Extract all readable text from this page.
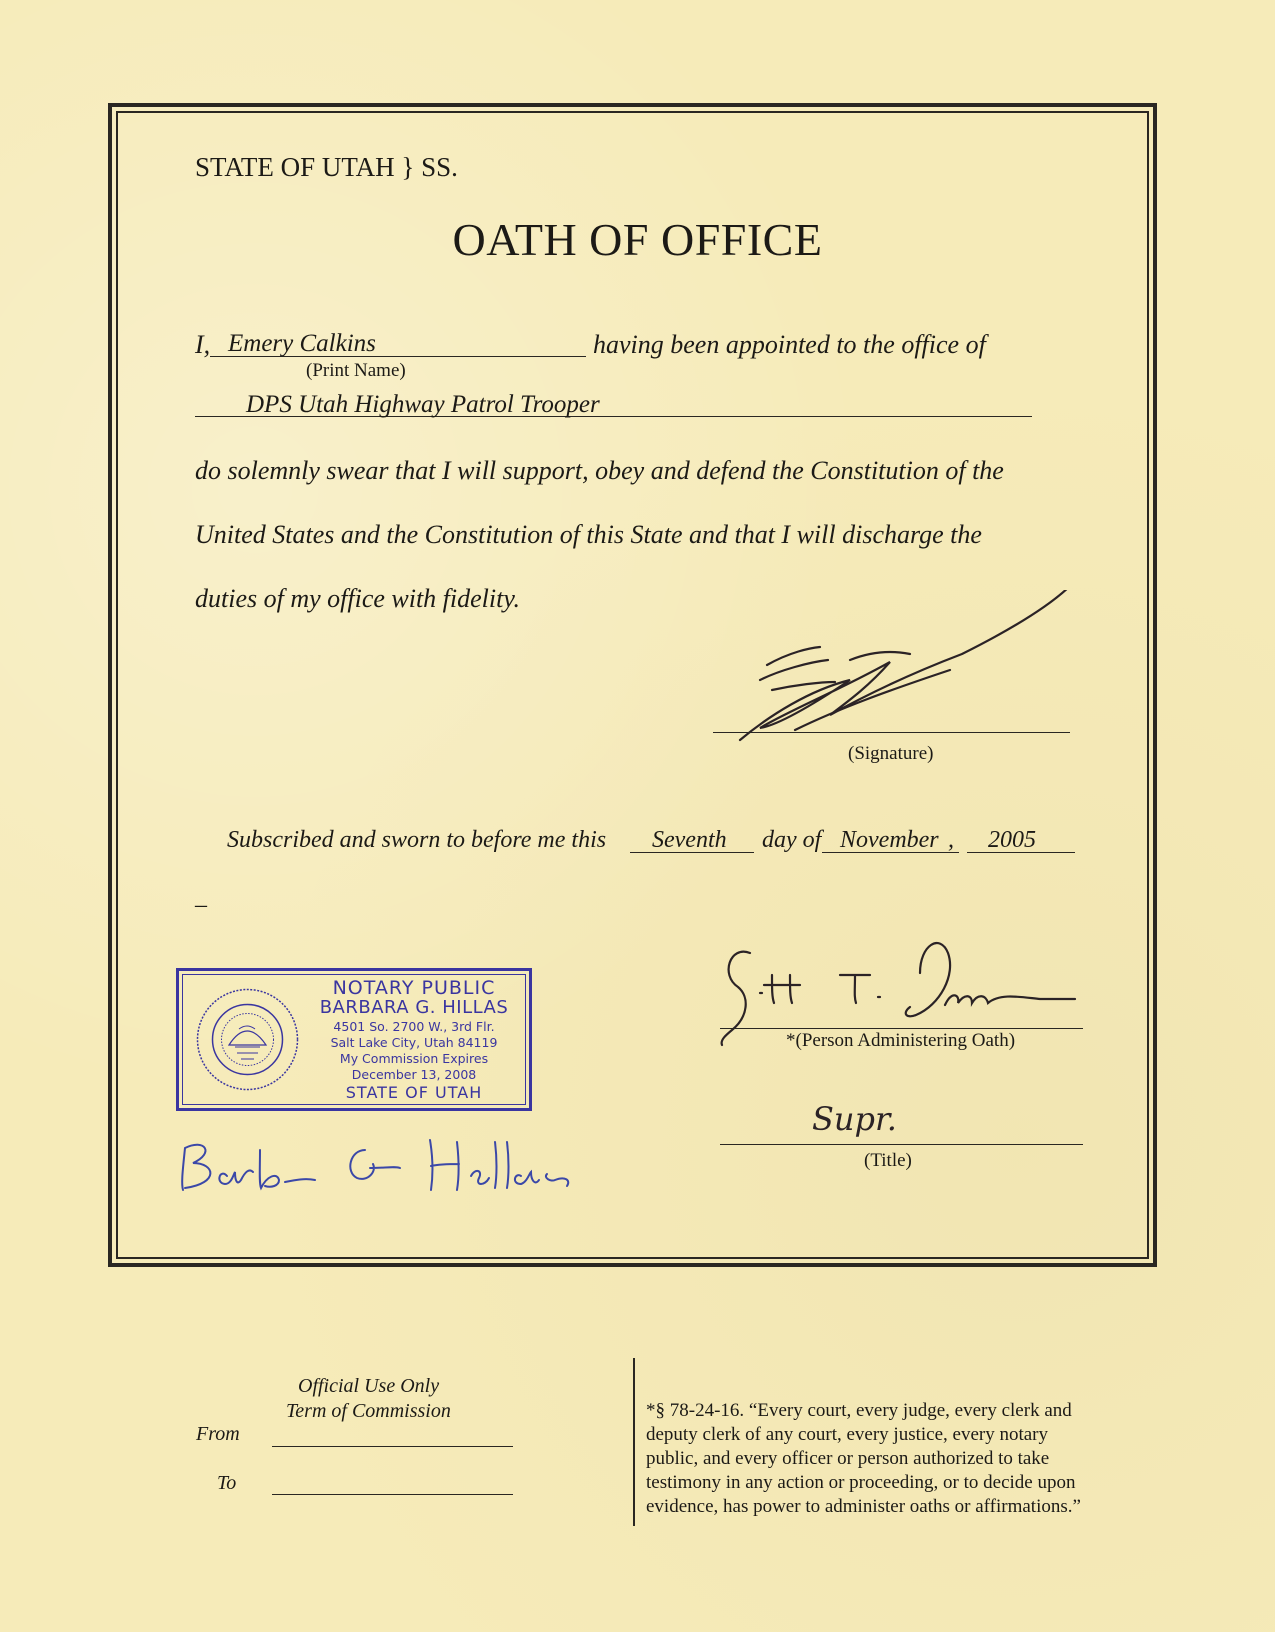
STATE OF UTAH } SS.
OATH OF OFFICE
I, Emery Calkins	having been appointed to the office of
(Print Name)
DPS Utah Highway Patrol Trooper
do solemnly swear that I will support, obey and defend the Constitution of the
United States and the Constitution of this State and that I will discharge the
duties of my office with fidelity.
(Signature)
Subscribed and sworn to before me this Seventh day of November , 2005
–
NOTARY PUBLIC
BARBARA G. HILLAS
4501 So. 2700 W., 3rd Flr.
Salt Lake City, Utah 84119
My Commission Expires
December 13, 2008
STATE OF UTAH
*(Person Administering Oath)
Supr.
(Title)
Official Use Only
Term of Commission
From
To
*§ 78-24-16. “Every court, every judge, every clerk and
deputy clerk of any court, every justice, every notary
public, and every officer or person authorized to take
testimony in any action or proceeding, or to decide upon
evidence, has power to administer oaths or affirmations.”
